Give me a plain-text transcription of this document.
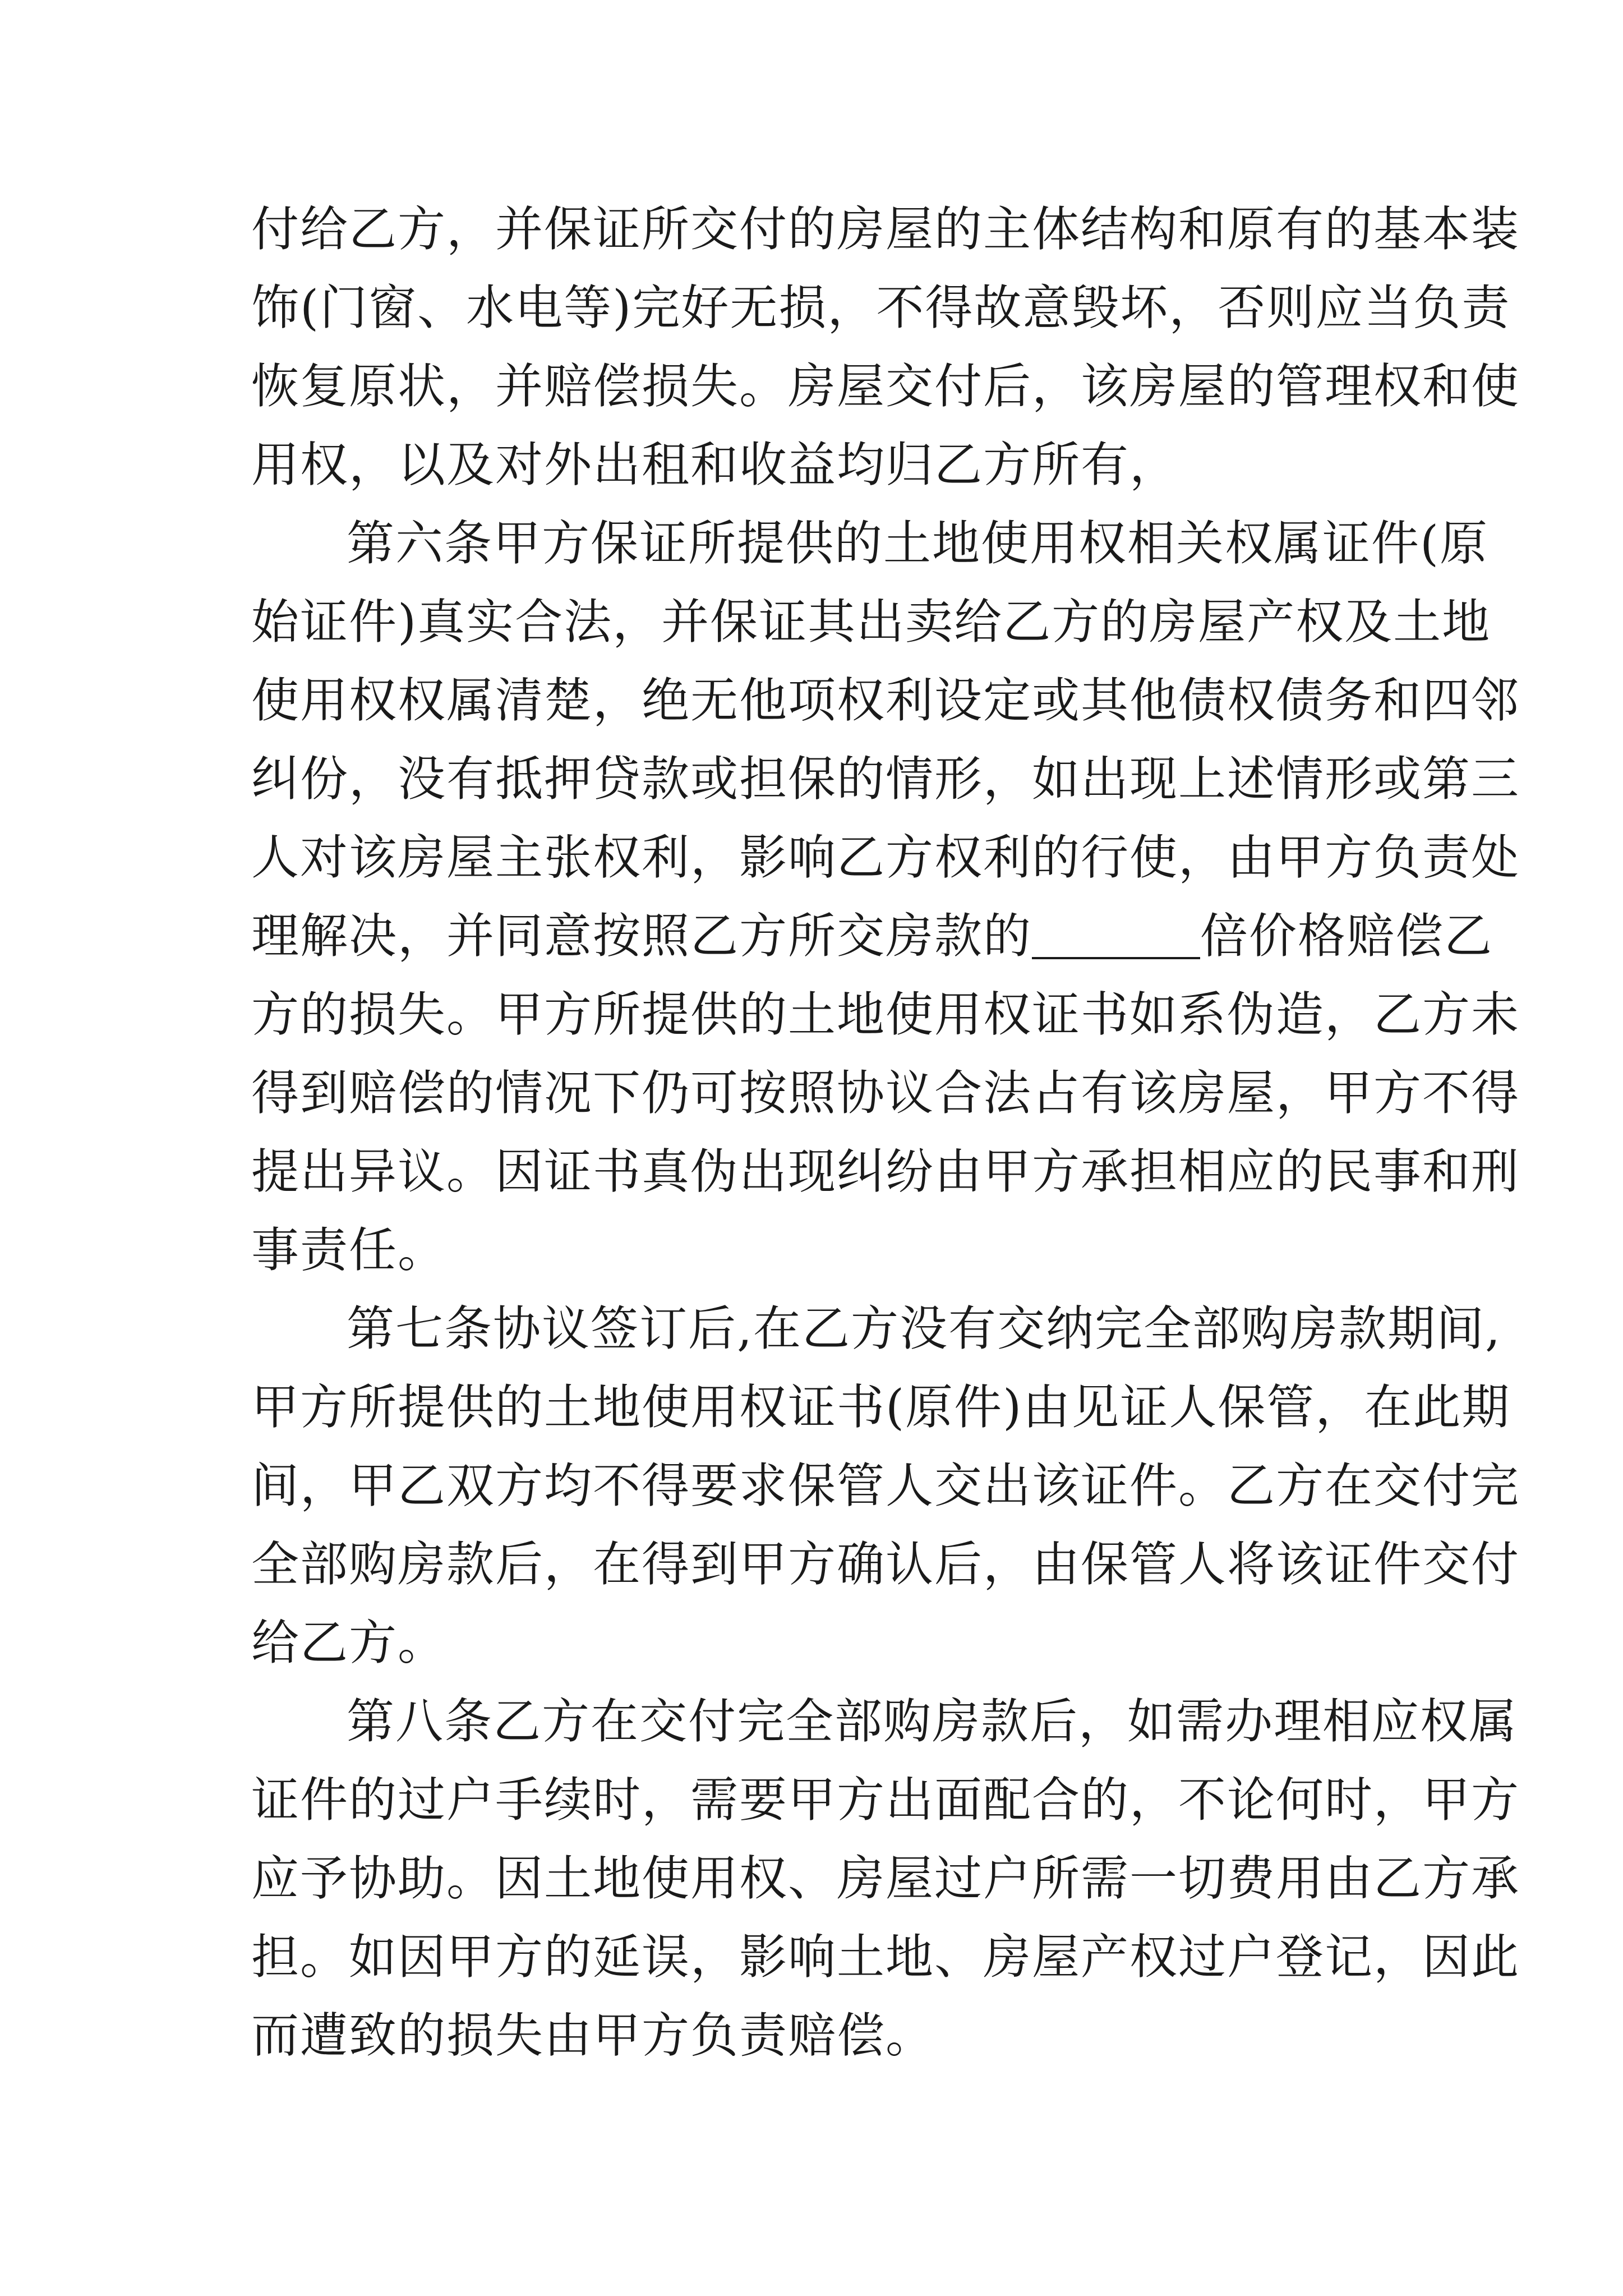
付给乙方，并保证所交付的房屋的主体结构和原有的基本装
饰(门窗、水电等)完好无损，不得故意毁坏，否则应当负责
恢复原状，并赔偿损失。房屋交付后，该房屋的管理权和使
用权，以及对外出租和收益均归乙方所有，
第六条甲方保证所提供的土地使用权相关权属证件(原
始证件)真实合法，并保证其出卖给乙方的房屋产权及土地
使用权权属清楚，绝无他项权利设定或其他债权债务和四邻
纠份，没有抵押贷款或担保的情形，如出现上述情形或第三
人对该房屋主张权利，影响乙方权利的行使，由甲方负责处
理解决，并同意按照乙方所交房款的	倍价格赔偿乙
方的损失。甲方所提供的土地使用权证书如系伪造，乙方未
得到赔偿的情况下仍可按照协议合法占有该房屋，甲方不得
提出异议。因证书真伪出现纠纷由甲方承担相应的民事和刑
事责任。
第七条协议签订后,在乙方没有交纳完全部购房款期间,
甲方所提供的土地使用权证书(原件)由见证人保管，在此期
间，甲乙双方均不得要求保管人交出该证件。乙方在交付完
全部购房款后，在得到甲方确认后，由保管人将该证件交付
给乙方。
第八条乙方在交付完全部购房款后，如需办理相应权属
证件的过户手续时，需要甲方出面配合的，不论何时，甲方
应予协助。因土地使用权、房屋过户所需一切费用由乙方承
担。如因甲方的延误，影响土地、房屋产权过户登记，因此
而遭致的损失由甲方负责赔偿。
